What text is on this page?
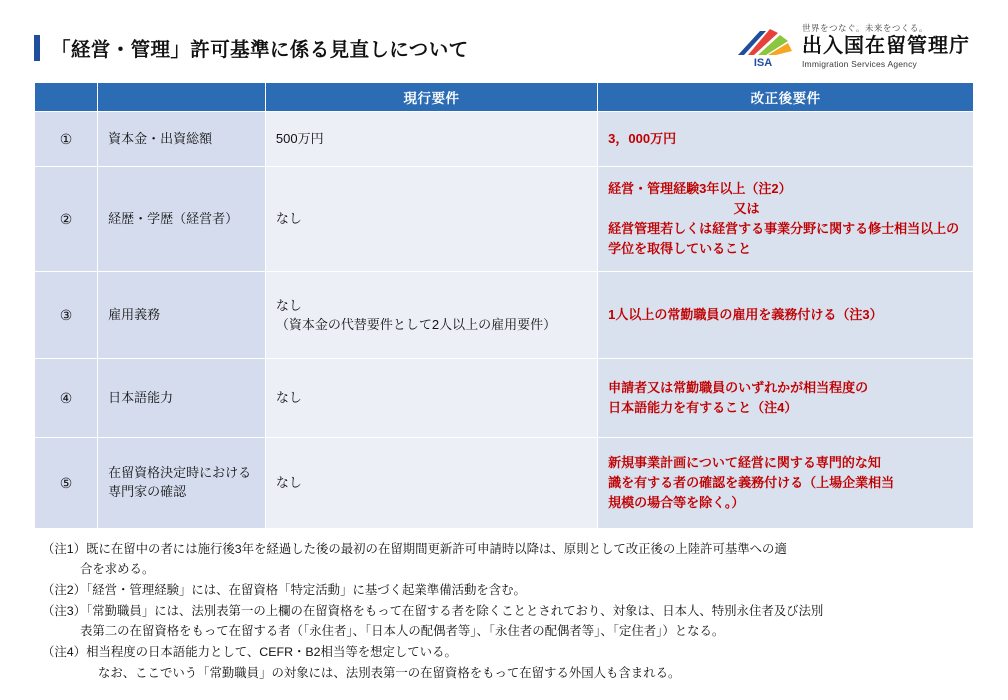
「経営・管理」許可基準に係る見直しについて
ISA
世界をつなぐ。未来をつくる。
出入国在留管理庁
Immigration Services Agency
		現行要件	改正後要件
①	資本金・出資総額	500万円	3，000万円
②	経歴・学歴（経営者）	なし	経営・管理経験3年以上（注2）
又は
経営管理若しくは経営する事業分野に関する修士相当以上の学位を取得していること

③	雇用義務	なし
（資本金の代替要件として2人以上の雇用要件）	1人以上の常勤職員の雇用を義務付ける（注3）
④	日本語能力	なし	申請者又は常勤職員のいずれかが相当程度の
日本語能力を有すること（注4）

⑤	在留資格決定時における専門家の確認	なし	新規事業計画について経営に関する専門的な知
識を有する者の確認を義務付ける（上場企業相当
規模の場合等を除く。）
（注1）既に在留中の者には施行後3年を経過した後の最初の在留期間更新許可申請時以降は、原則として改正後の上陸許可基準への適
合を求める。
（注2）「経営・管理経験」には、在留資格「特定活動」に基づく起業準備活動を含む。
（注3）「常勤職員」には、法別表第一の上欄の在留資格をもって在留する者を除くこととされており、対象は、日本人、特別永住者及び法別
表第二の在留資格をもって在留する者（「永住者」、「日本人の配偶者等」、「永住者の配偶者等」、「定住者」）となる。
（注4）相当程度の日本語能力として、CEFR・B2相当等を想定している。
なお、ここでいう「常勤職員」の対象には、法別表第一の在留資格をもって在留する外国人も含まれる。
